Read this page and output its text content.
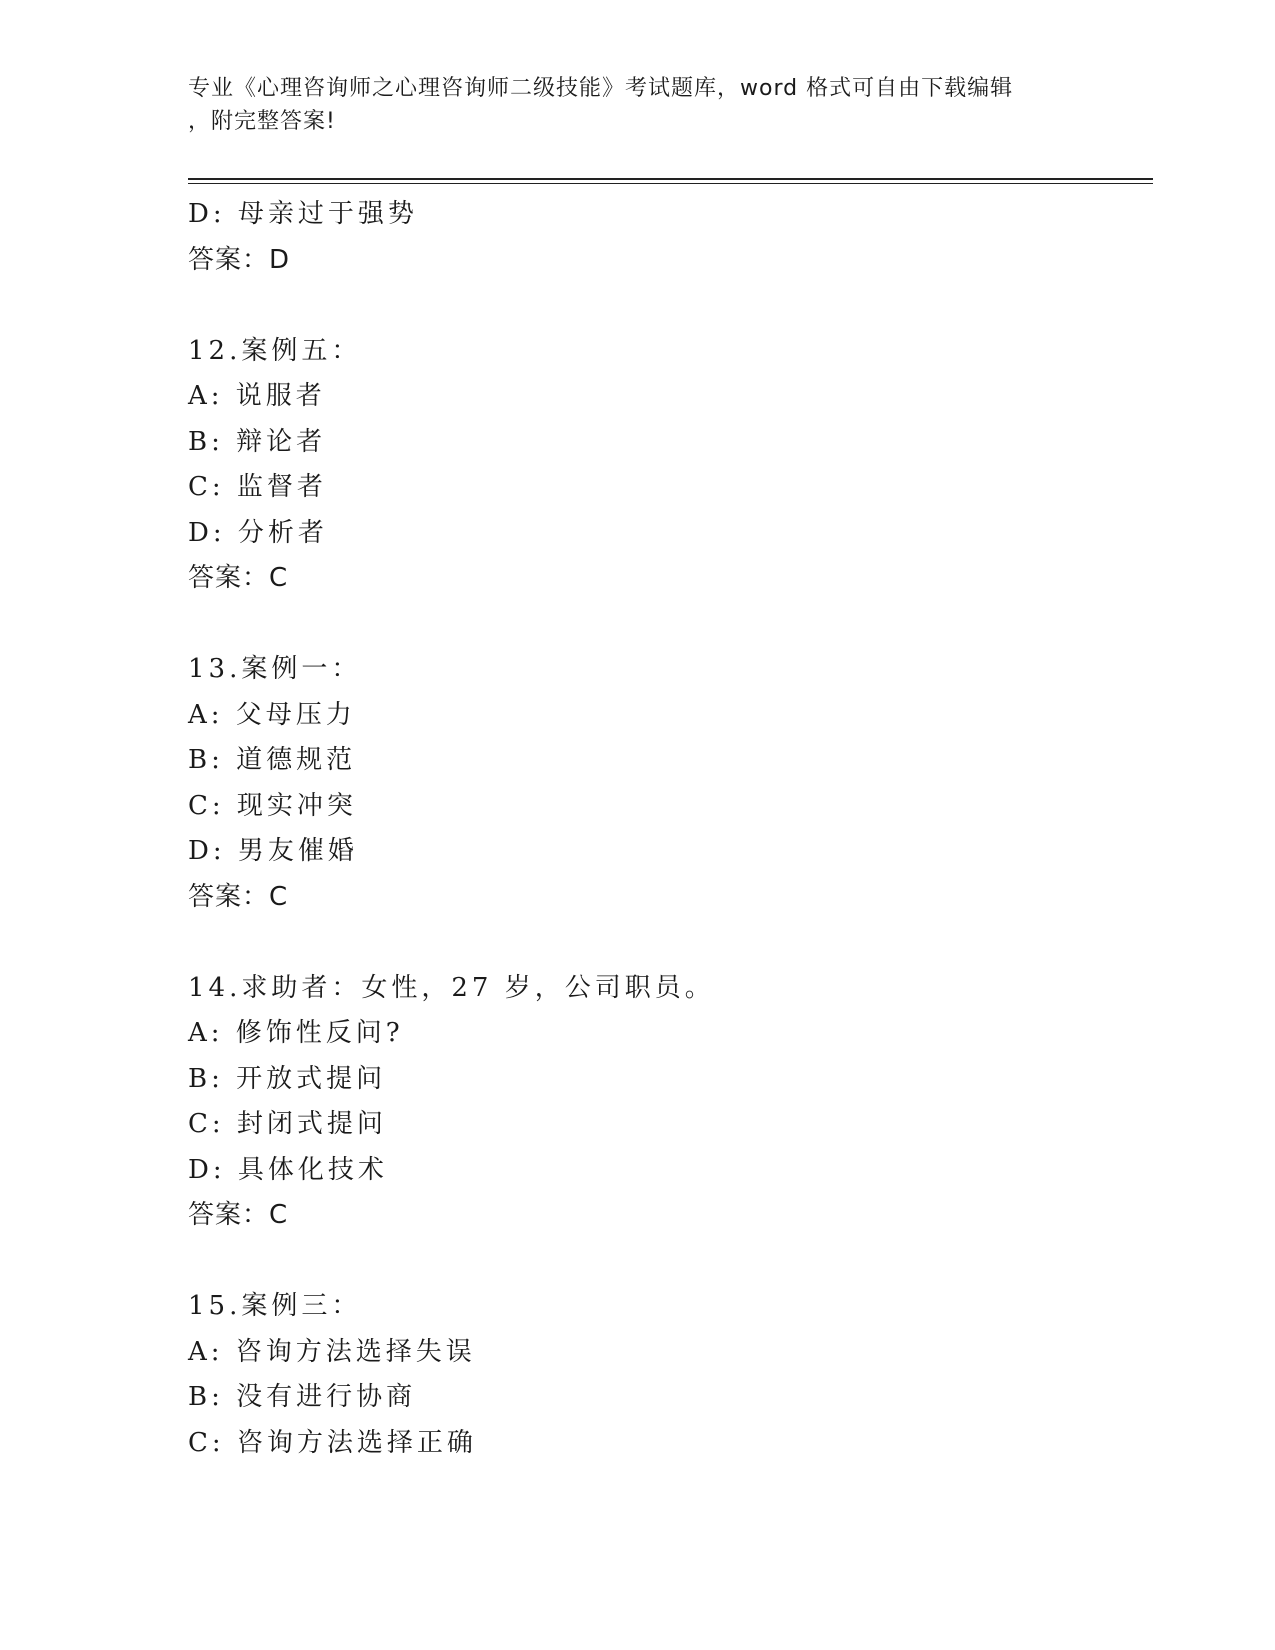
专业《心理咨询师之心理咨询师二级技能》考试题库，word 格式可自由下载编辑
，附完整答案!
D: 母亲过于强势
答案：D
12.案例五：
A: 说服者
B: 辩论者
C: 监督者
D: 分析者
答案：C
13.案例一：
A: 父母压力
B: 道德规范
C: 现实冲突
D: 男友催婚
答案：C
14.求助者：女性，27 岁，公司职员。
A: 修饰性反问?
B: 开放式提问
C: 封闭式提问
D: 具体化技术
答案：C
15.案例三：
A: 咨询方法选择失误
B: 没有进行协商
C: 咨询方法选择正确
